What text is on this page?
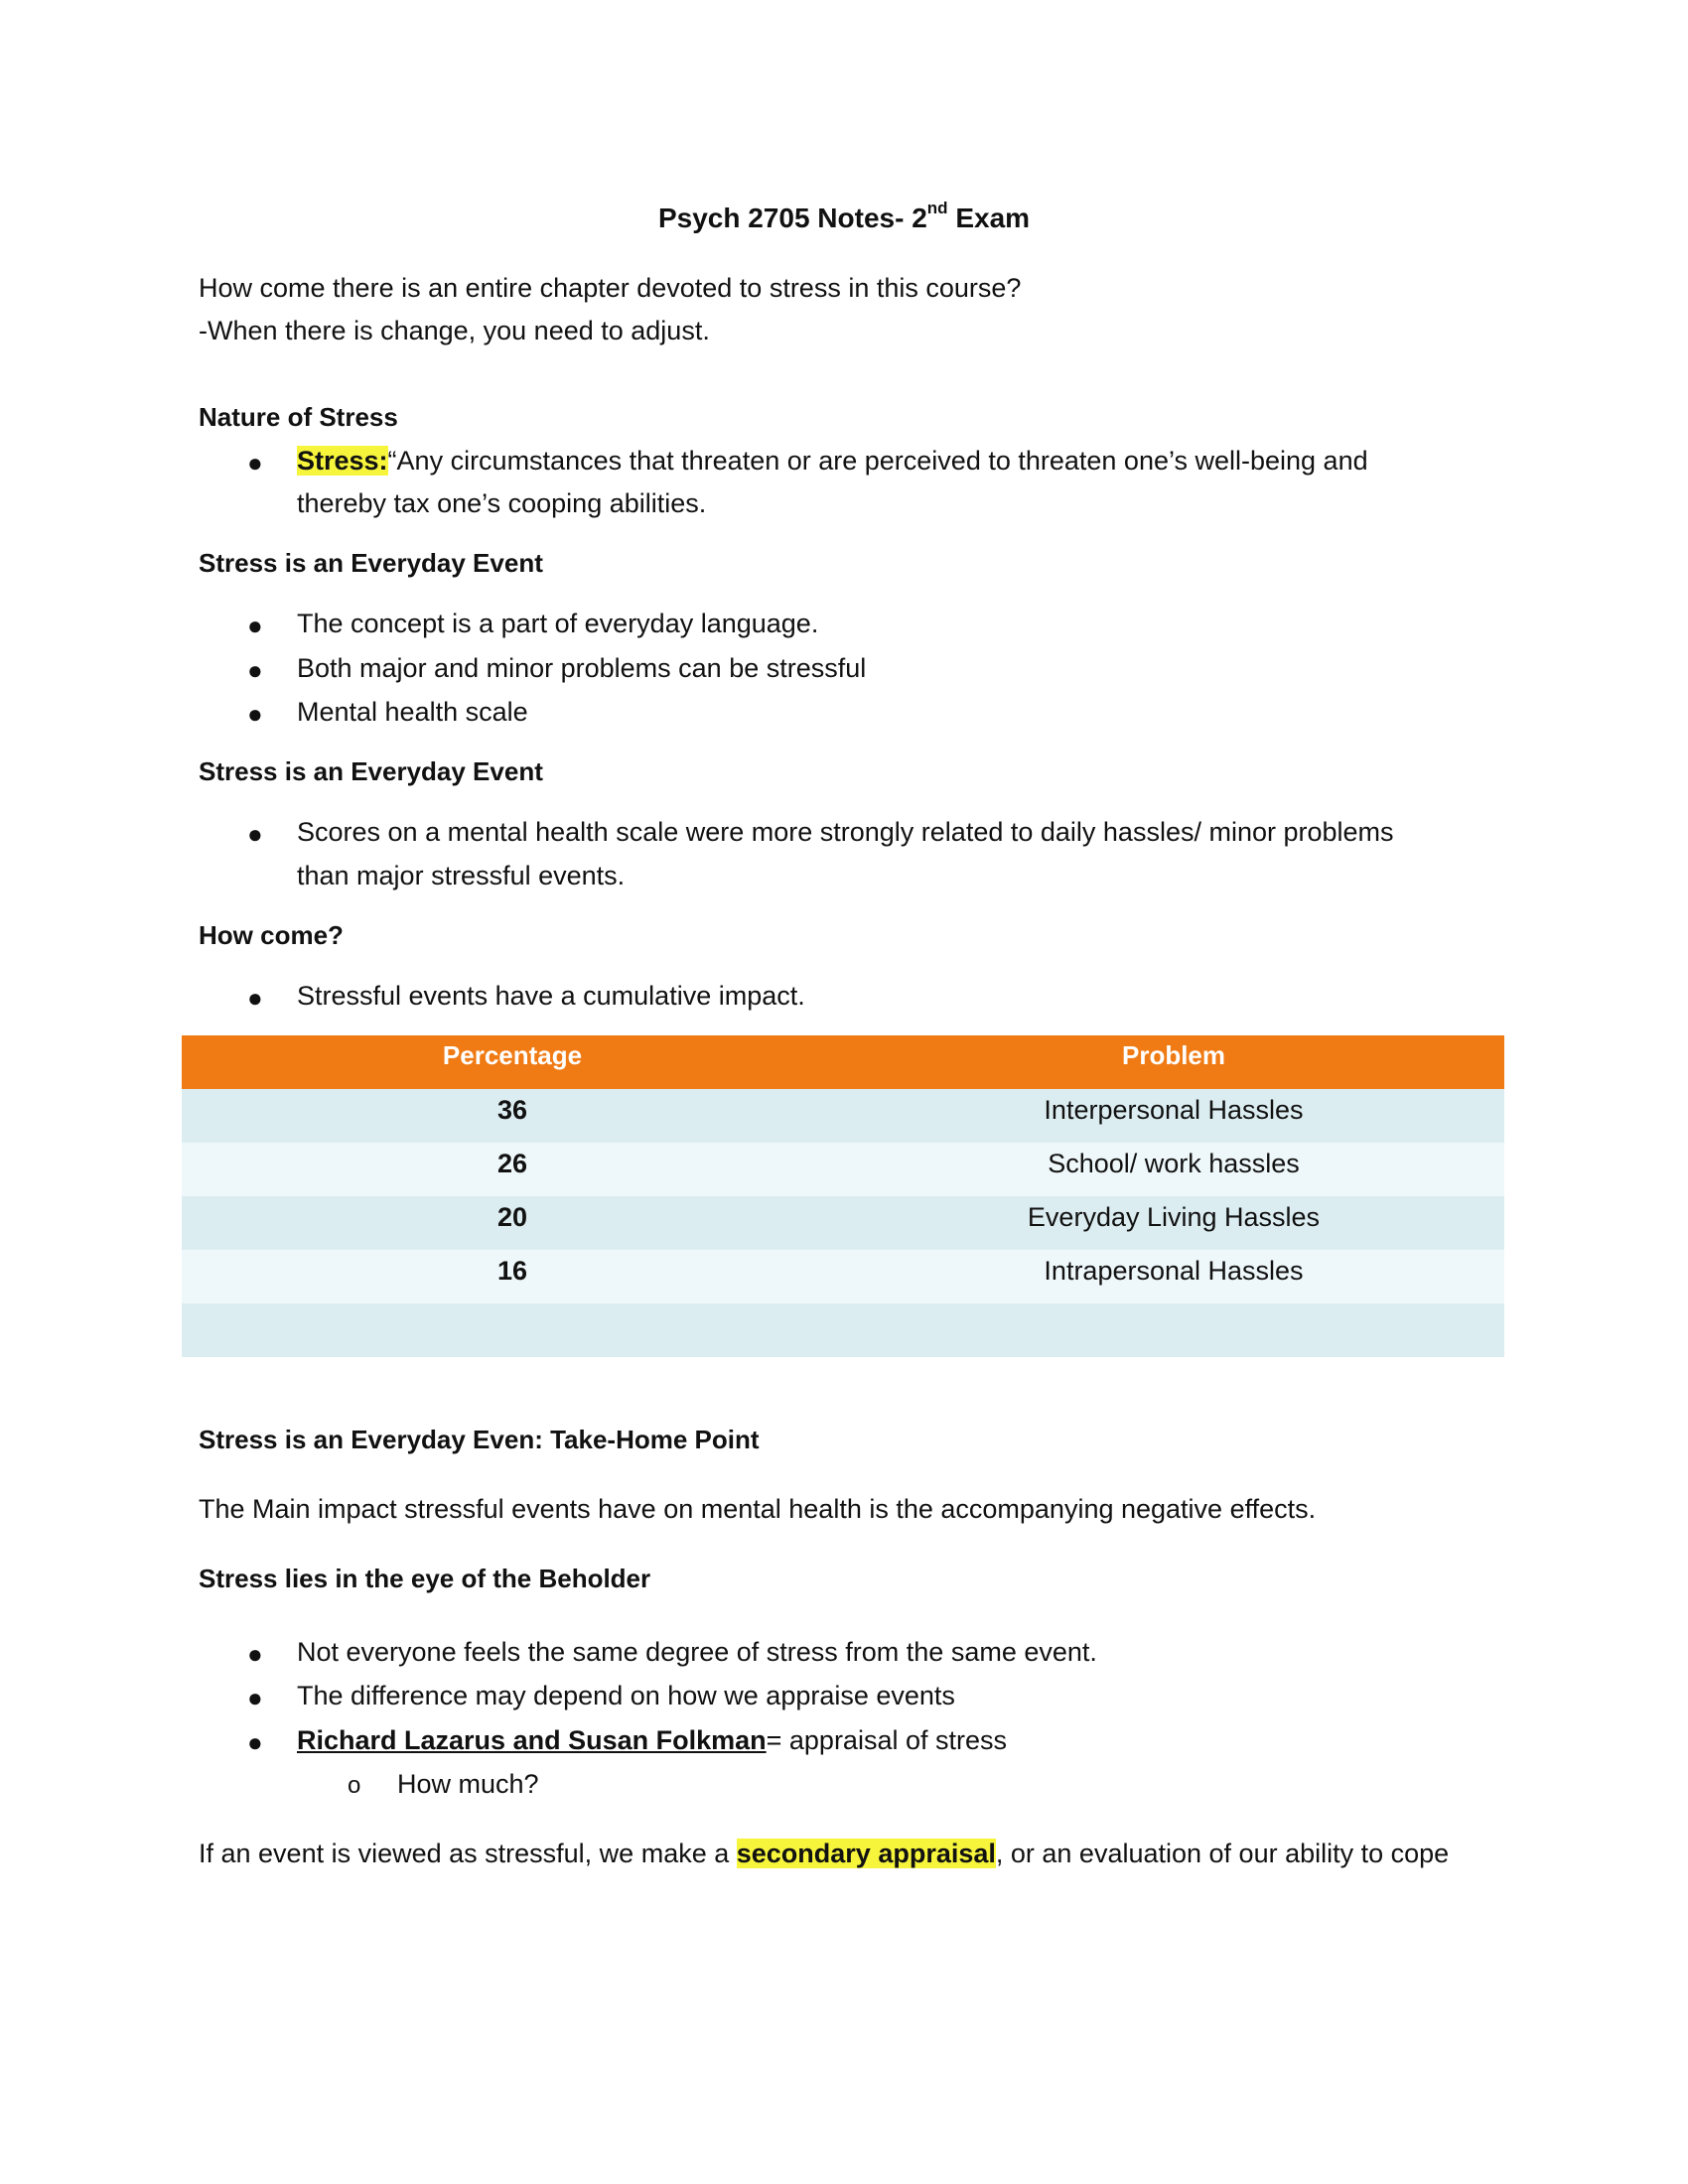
Psych 2705 Notes- 2nd Exam
How come there is an entire chapter devoted to stress in this course?
-When there is change, you need to adjust.
Nature of Stress
● Stress:“Any circumstances that threaten or are perceived to threaten one’s well-being and
thereby tax one’s cooping abilities.
Stress is an Everyday Event
● The concept is a part of everyday language.
● Both major and minor problems can be stressful
● Mental health scale
Stress is an Everyday Event
● Scores on a mental health scale were more strongly related to daily hassles/ minor problems
than major stressful events.
How come?
● Stressful events have a cumulative impact.
Percentage	Problem
36	Interpersonal Hassles
26	School/ work hassles
20	Everyday Living Hassles
16	Intrapersonal Hassles
Stress is an Everyday Even: Take-Home Point
The Main impact stressful events have on mental health is the accompanying negative effects.
Stress lies in the eye of the Beholder
● Not everyone feels the same degree of stress from the same event.
● The difference may depend on how we appraise events
● Richard Lazarus and Susan Folkman= appraisal of stress
o How much?
If an event is viewed as stressful, we make a secondary appraisal, or an evaluation of our ability to cope
